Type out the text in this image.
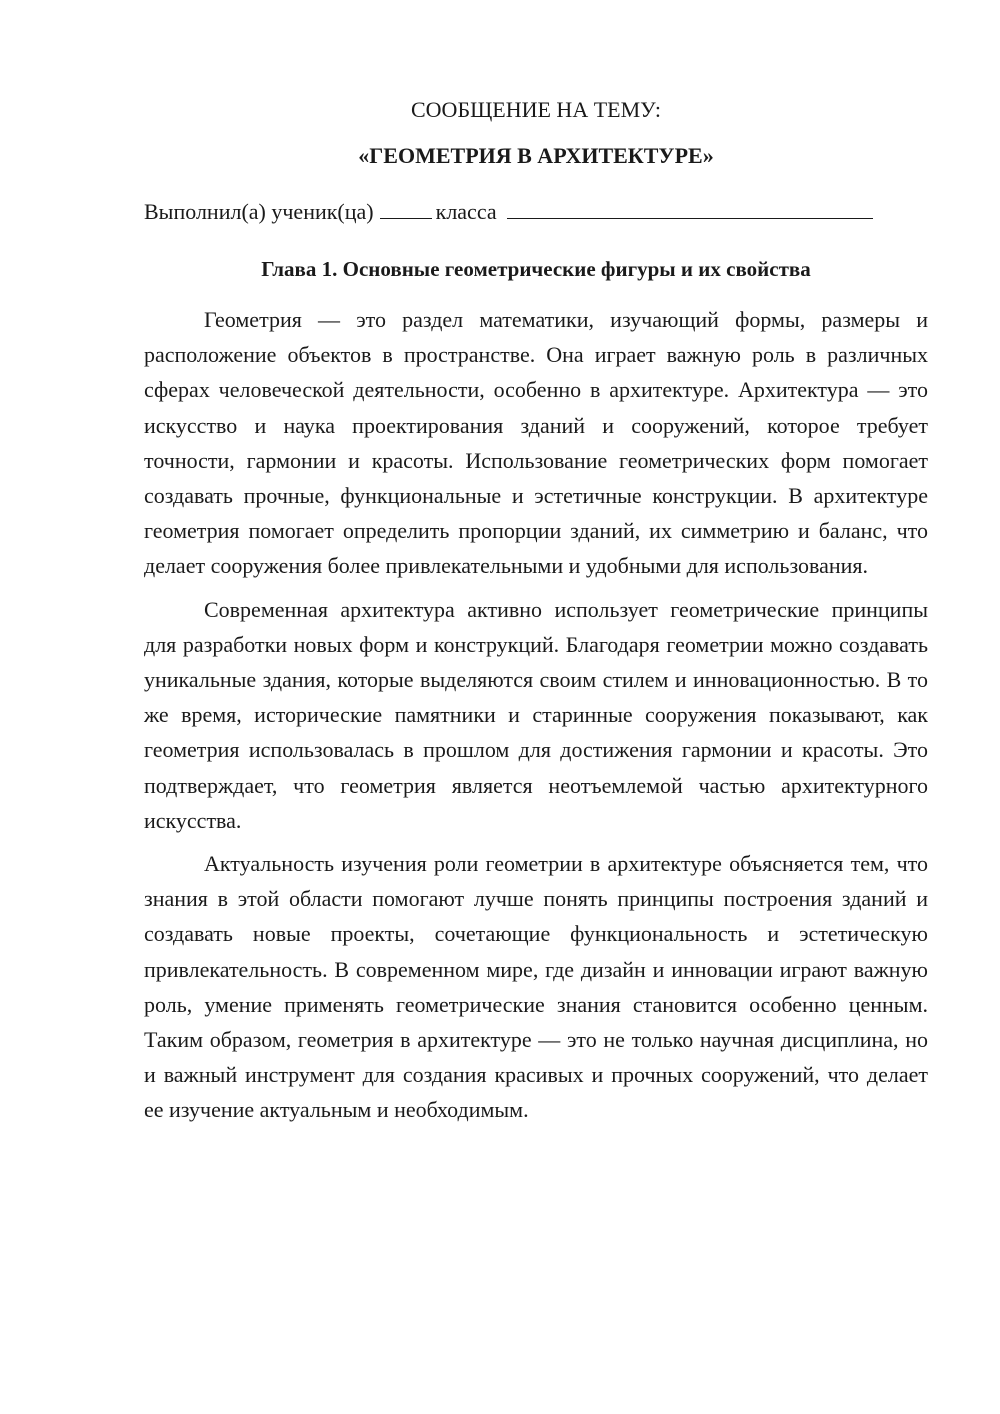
СООБЩЕНИЕ НА ТЕМУ:

«ГЕОМЕТРИЯ В АРХИТЕКТУРЕ»

Выполнил(а) ученик(ца)	класса

Глава 1. Основные геометрические фигуры и их свойства

Геометрия — это раздел математики, изучающий формы, размеры и расположение объектов в пространстве. Она играет важную роль в различных сферах человеческой деятельности, особенно в архитектуре. Архитектура — это искусство и наука проектирования зданий и сооружений, которое требует точности, гармонии и красоты. Использование геометрических форм помогает создавать прочные, функциональные и эстетичные конструкции. В архитектуре геометрия помогает определить пропорции зданий, их симметрию и баланс, что делает сооружения более привлекательными и удобными для использования.

Современная архитектура активно использует геометрические принципы для разработки новых форм и конструкций. Благодаря геометрии можно создавать уникальные здания, которые выделяются своим стилем и инновационностью. В то же время, исторические памятники и старинные сооружения показывают, как геометрия использовалась в прошлом для достижения гармонии и красоты. Это подтверждает, что геометрия является неотъемлемой частью архитектурного искусства.

Актуальность изучения роли геометрии в архитектуре объясняется тем, что знания в этой области помогают лучше понять принципы построения зданий и создавать новые проекты, сочетающие функциональность и эстетическую привлекательность. В современном мире, где дизайн и инновации играют важную роль, умение применять геометрические знания становится особенно ценным. Таким образом, геометрия в архитектуре — это не только научная дисциплина, но и важный инструмент для создания красивых и прочных сооружений, что делает ее изучение актуальным и необходимым.
